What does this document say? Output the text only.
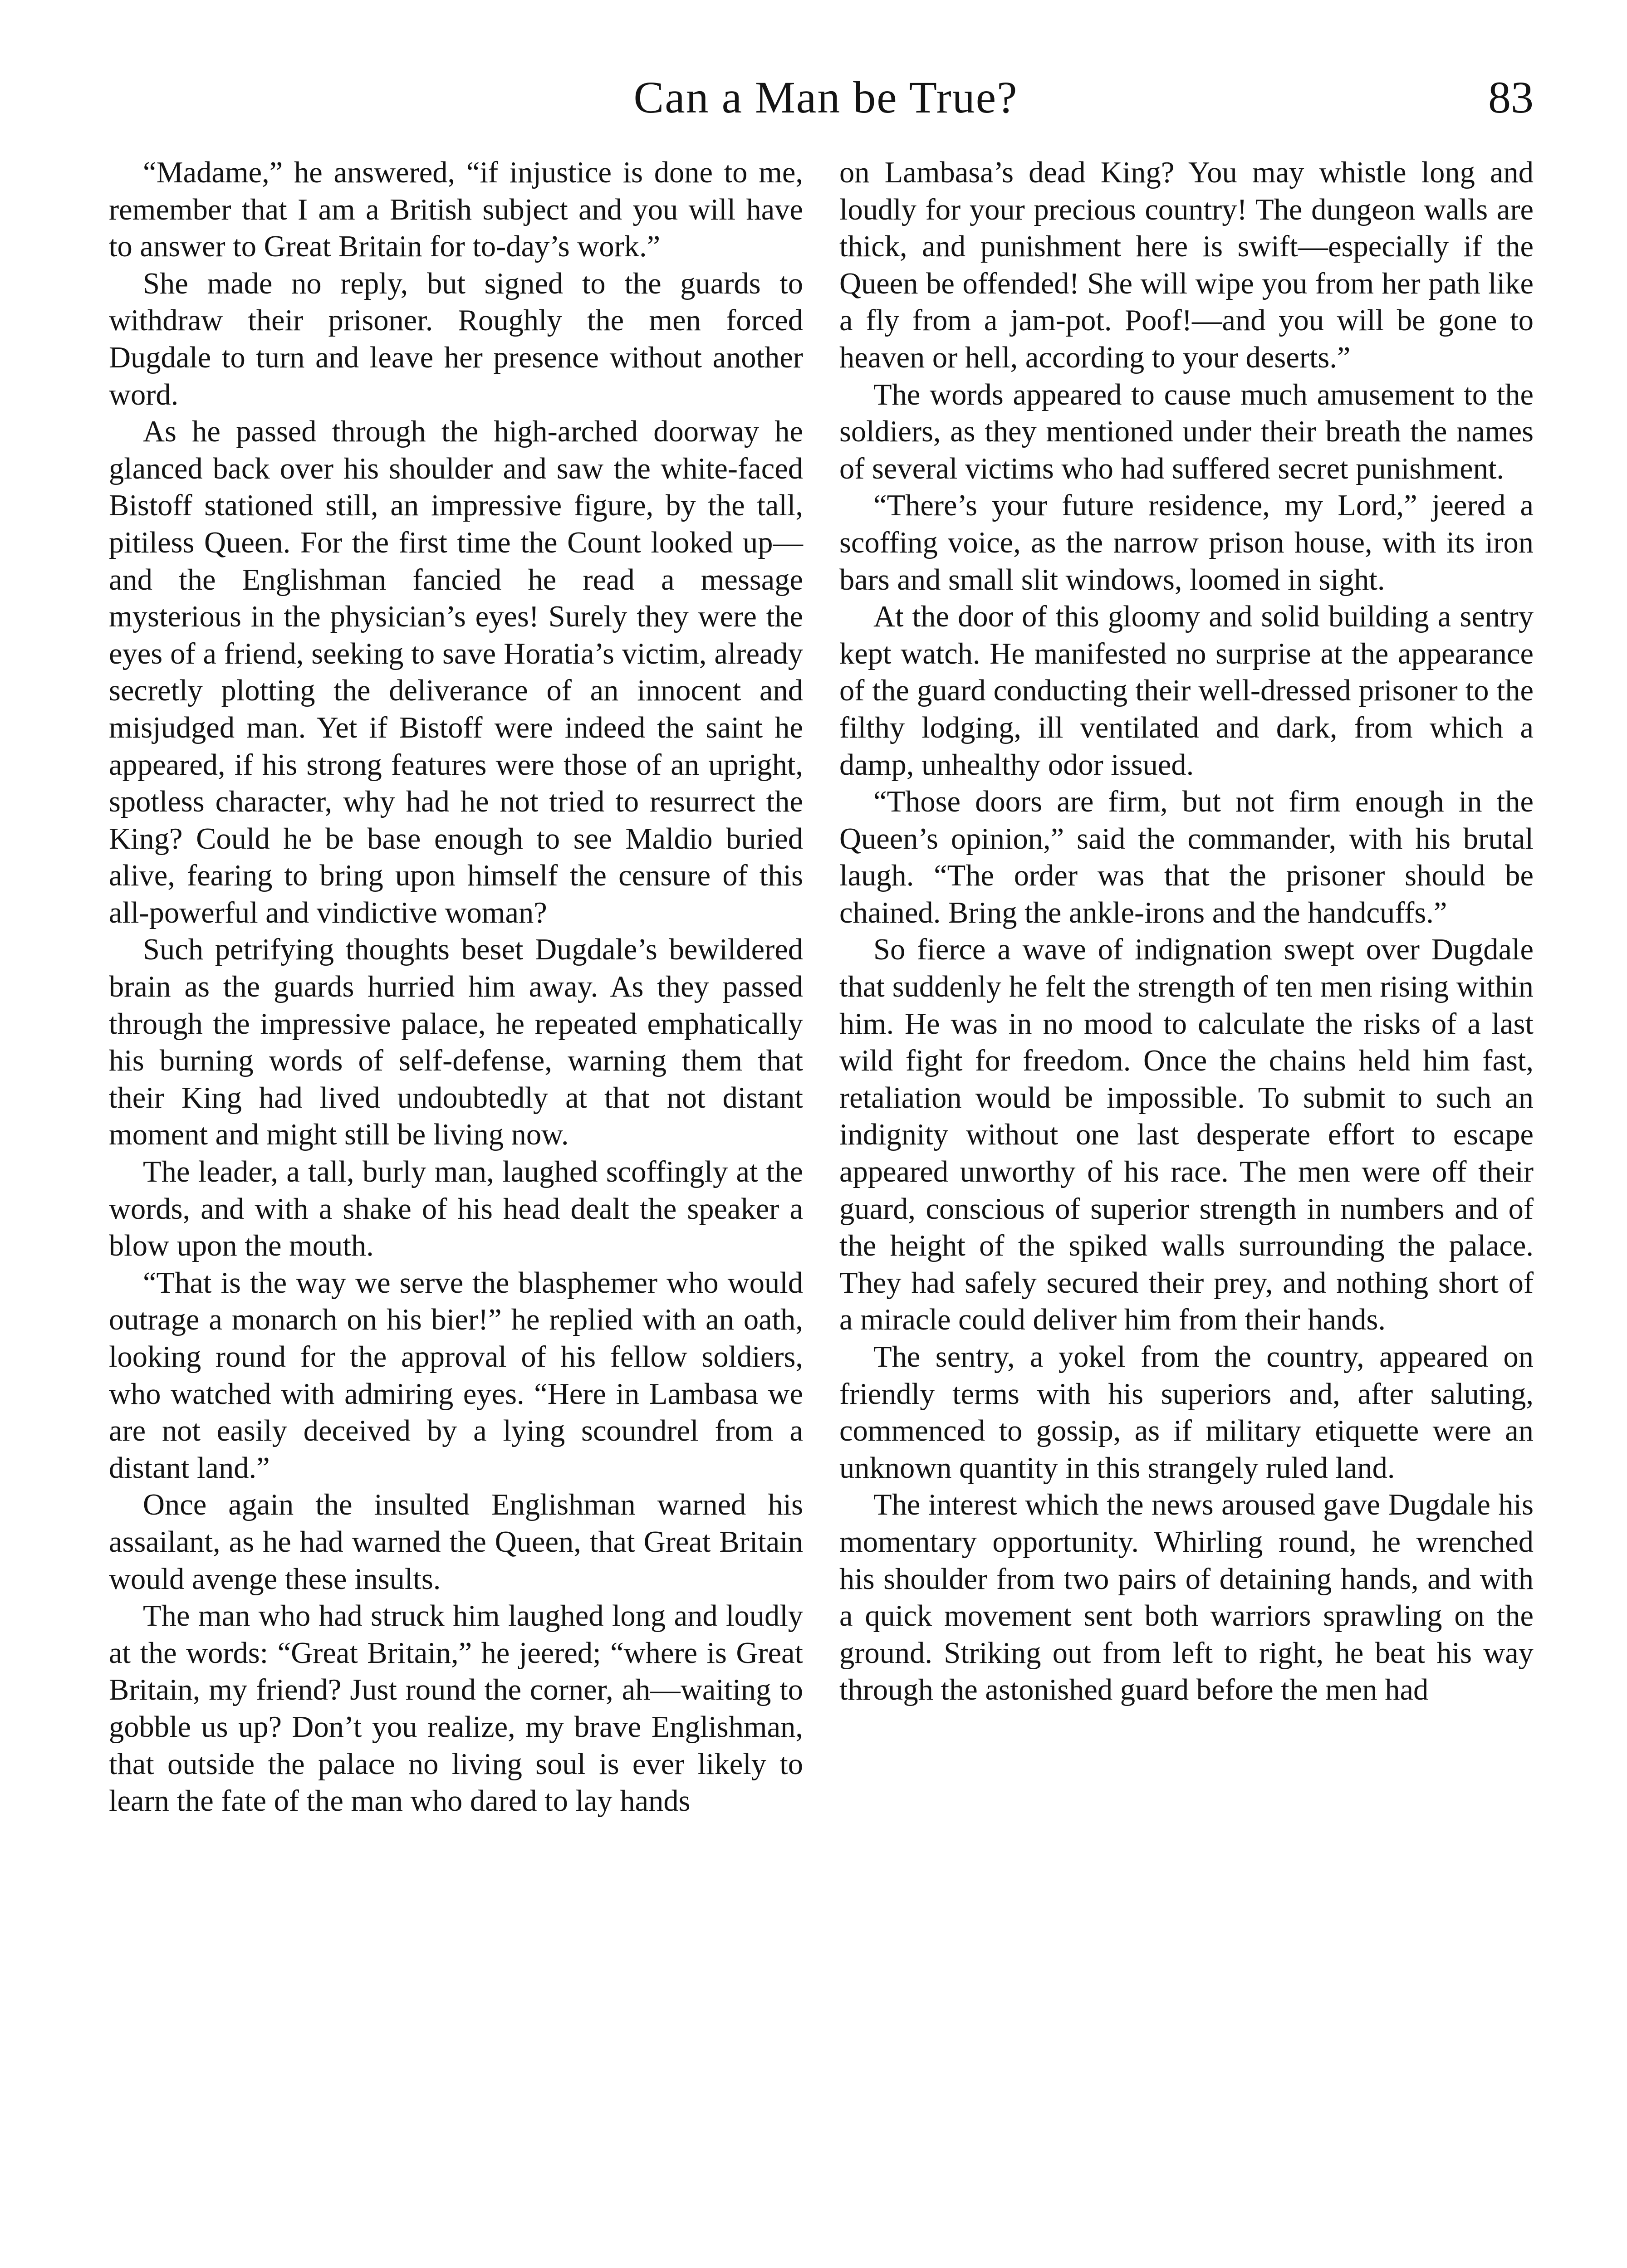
Can a Man be True?	83

“Madame,” he answered, “if injustice is done to me, remember that I am a British subject and you will have to answer to Great Britain for to-day’s work.”

She made no reply, but signed to the guards to withdraw their prisoner. Roughly the men forced Dugdale to turn and leave her presence without another word.

As he passed through the high-arched doorway he glanced back over his shoulder and saw the white-faced Bistoff stationed still, an impressive figure, by the tall, pitiless Queen. For the first time the Count looked up—and the Englishman fancied he read a message mysterious in the physician’s eyes! Surely they were the eyes of a friend, seeking to save Horatia’s victim, already secretly plotting the deliverance of an innocent and misjudged man. Yet if Bistoff were indeed the saint he appeared, if his strong features were those of an upright, spotless character, why had he not tried to resurrect the King? Could he be base enough to see Maldio buried alive, fearing to bring upon himself the censure of this all-powerful and vindictive woman?

Such petrifying thoughts beset Dugdale’s bewildered brain as the guards hurried him away. As they passed through the impressive palace, he repeated emphatically his burning words of self-defense, warning them that their King had lived undoubtedly at that not distant moment and might still be living now.

The leader, a tall, burly man, laughed scoffingly at the words, and with a shake of his head dealt the speaker a blow upon the mouth.

“That is the way we serve the blasphemer who would outrage a monarch on his bier!” he replied with an oath, looking round for the approval of his fellow soldiers, who watched with admiring eyes. “Here in Lambasa we are not easily deceived by a lying scoundrel from a distant land.”

Once again the insulted Englishman warned his assailant, as he had warned the Queen, that Great Britain would avenge these insults.

The man who had struck him laughed long and loudly at the words: “Great Britain,” he jeered; “where is Great Britain, my friend? Just round the corner, ah—waiting to gobble us up? Don’t you realize, my brave Englishman, that outside the palace no living soul is ever likely to learn the fate of the man who dared to lay hands

on Lambasa’s dead King? You may whistle long and loudly for your precious country! The dungeon walls are thick, and punishment here is swift—especially if the Queen be offended! She will wipe you from her path like a fly from a jam-pot. Poof!—and you will be gone to heaven or hell, according to your deserts.”

The words appeared to cause much amusement to the soldiers, as they mentioned under their breath the names of several victims who had suffered secret punishment.

“There’s your future residence, my Lord,” jeered a scoffing voice, as the narrow prison house, with its iron bars and small slit windows, loomed in sight.

At the door of this gloomy and solid building a sentry kept watch. He manifested no surprise at the appearance of the guard conducting their well-dressed prisoner to the filthy lodging, ill ventilated and dark, from which a damp, unhealthy odor issued.

“Those doors are firm, but not firm enough in the Queen’s opinion,” said the commander, with his brutal laugh. “The order was that the prisoner should be chained. Bring the ankle-irons and the handcuffs.”

So fierce a wave of indignation swept over Dugdale that suddenly he felt the strength of ten men rising within him. He was in no mood to calculate the risks of a last wild fight for freedom. Once the chains held him fast, retaliation would be impossible. To submit to such an indignity without one last desperate effort to escape appeared unworthy of his race. The men were off their guard, conscious of superior strength in numbers and of the height of the spiked walls surrounding the palace. They had safely secured their prey, and nothing short of a miracle could deliver him from their hands.

The sentry, a yokel from the country, appeared on friendly terms with his superiors and, after saluting, commenced to gossip, as if military etiquette were an unknown quantity in this strangely ruled land.

The interest which the news aroused gave Dugdale his momentary opportunity. Whirling round, he wrenched his shoulder from two pairs of detaining hands, and with a quick movement sent both warriors sprawling on the ground. Striking out from left to right, he beat his way through the astonished guard before the men had
